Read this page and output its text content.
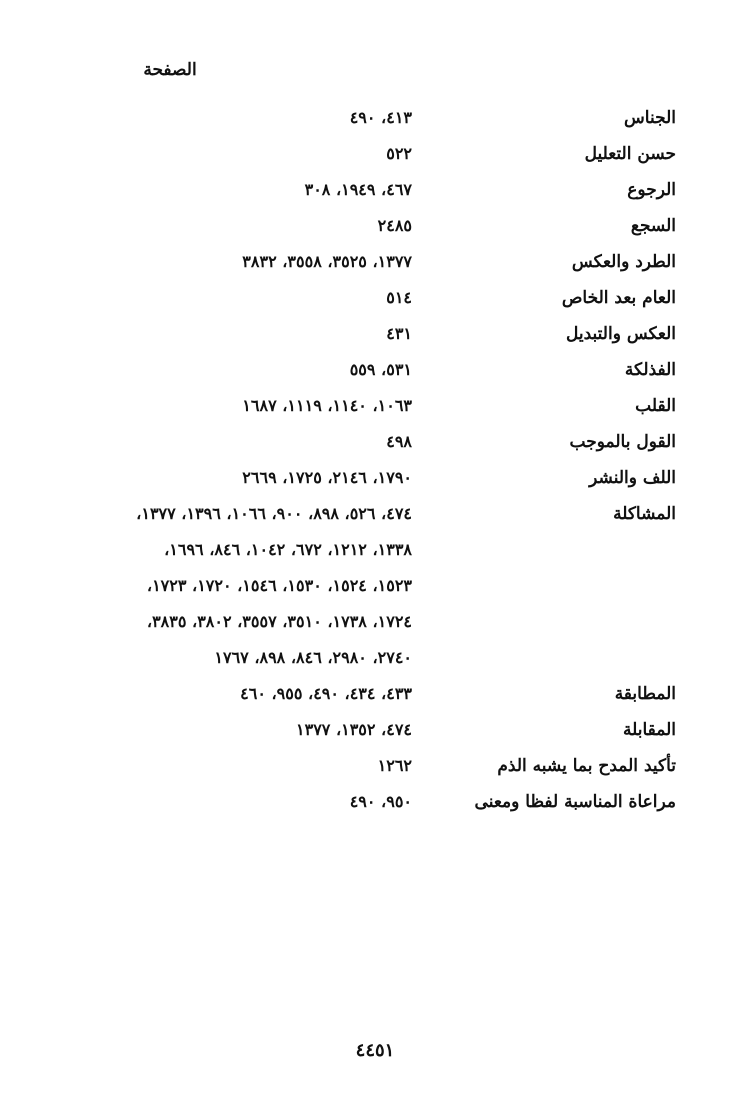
الصفحة
الجناس
٤١٣، ٤٩٠
حسن التعليل
٥٢٢
الرجوع
٤٦٧، ١٩٤٩، ٣٠٨
السجع
٢٤٨٥
الطرد والعكس
١٣٧٧، ٣٥٢٥، ٣٥٥٨، ٣٨٣٢
العام بعد الخاص
٥١٤
العكس والتبديل
٤٣١
الفذلكة
٥٣١، ٥٥٩
القلب
١٠٦٣، ١١٤٠، ١١١٩، ١٦٨٧
القول بالموجب
٤٩٨
اللف والنشر
١٧٩٠، ٢١٤٦، ١٧٢٥، ٢٦٦٩
المشاكلة
٤٧٤، ٥٢٦، ٨٩٨، ٩٠٠، ١٠٦٦، ١٣٩٦، ١٣٧٧،
١٣٣٨، ١٢١٢، ٦٧٢، ١٠٤٢، ٨٤٦، ١٦٩٦،
١٥٢٣، ١٥٢٤، ١٥٣٠، ١٥٤٦، ١٧٢٠، ١٧٢٣،
١٧٢٤، ١٧٣٨، ٣٥١٠، ٣٥٥٧، ٣٨٠٢، ٣٨٣٥،
٢٧٤٠، ٢٩٨٠، ٨٤٦، ٨٩٨، ١٧٦٧
المطابقة
٤٣٣، ٤٣٤، ٤٩٠، ٩٥٥، ٤٦٠
المقابلة
٤٧٤، ١٣٥٢، ١٣٧٧
تأكيد المدح بما يشبه الذم
١٢٦٢
مراعاة المناسبة لفظا ومعنى
٩٥٠، ٤٩٠
٤٤٥١
